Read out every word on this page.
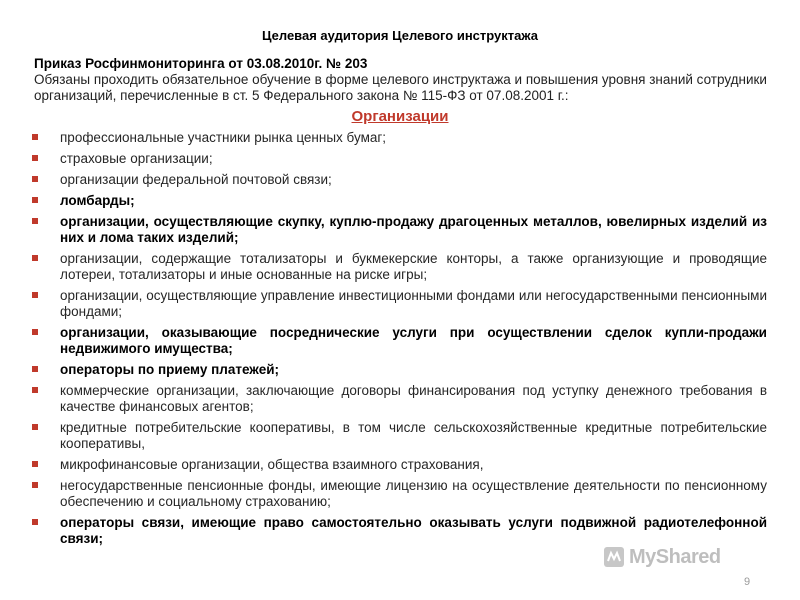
Целевая аудитория Целевого инструктажа
Приказ Росфинмониторинга от 03.08.2010г. № 203
Обязаны проходить обязательное обучение в форме целевого инструктажа и повышения уровня знаний сотрудники организаций, перечисленные в ст. 5 Федерального закона № 115-ФЗ от 07.08.2001 г.:
Организации
профессиональные участники рынка ценных бумаг;
страховые организации;
организации федеральной почтовой связи;
ломбарды;
организации, осуществляющие скупку, куплю-продажу драгоценных металлов, ювелирных изделий из них и лома таких изделий;
организации, содержащие тотализаторы и букмекерские конторы, а также организующие и проводящие лотереи, тотализаторы и иные основанные на риске игры;
организации, осуществляющие управление инвестиционными фондами или негосударственными пенсионными фондами;
организации, оказывающие посреднические услуги при осуществлении сделок купли-продажи недвижимого имущества;
операторы по приему платежей;
коммерческие организации, заключающие договоры финансирования под уступку денежного требования в качестве финансовых агентов;
кредитные потребительские кооперативы, в том числе сельскохозяйственные кредитные потребительские кооперативы,
микрофинансовые организации, общества взаимного страхования,
негосударственные пенсионные фонды, имеющие лицензию на осуществление деятельности по пенсионному обеспечению и социальному страхованию;
операторы связи, имеющие право самостоятельно оказывать услуги подвижной радиотелефонной связи;
MyShared
9
